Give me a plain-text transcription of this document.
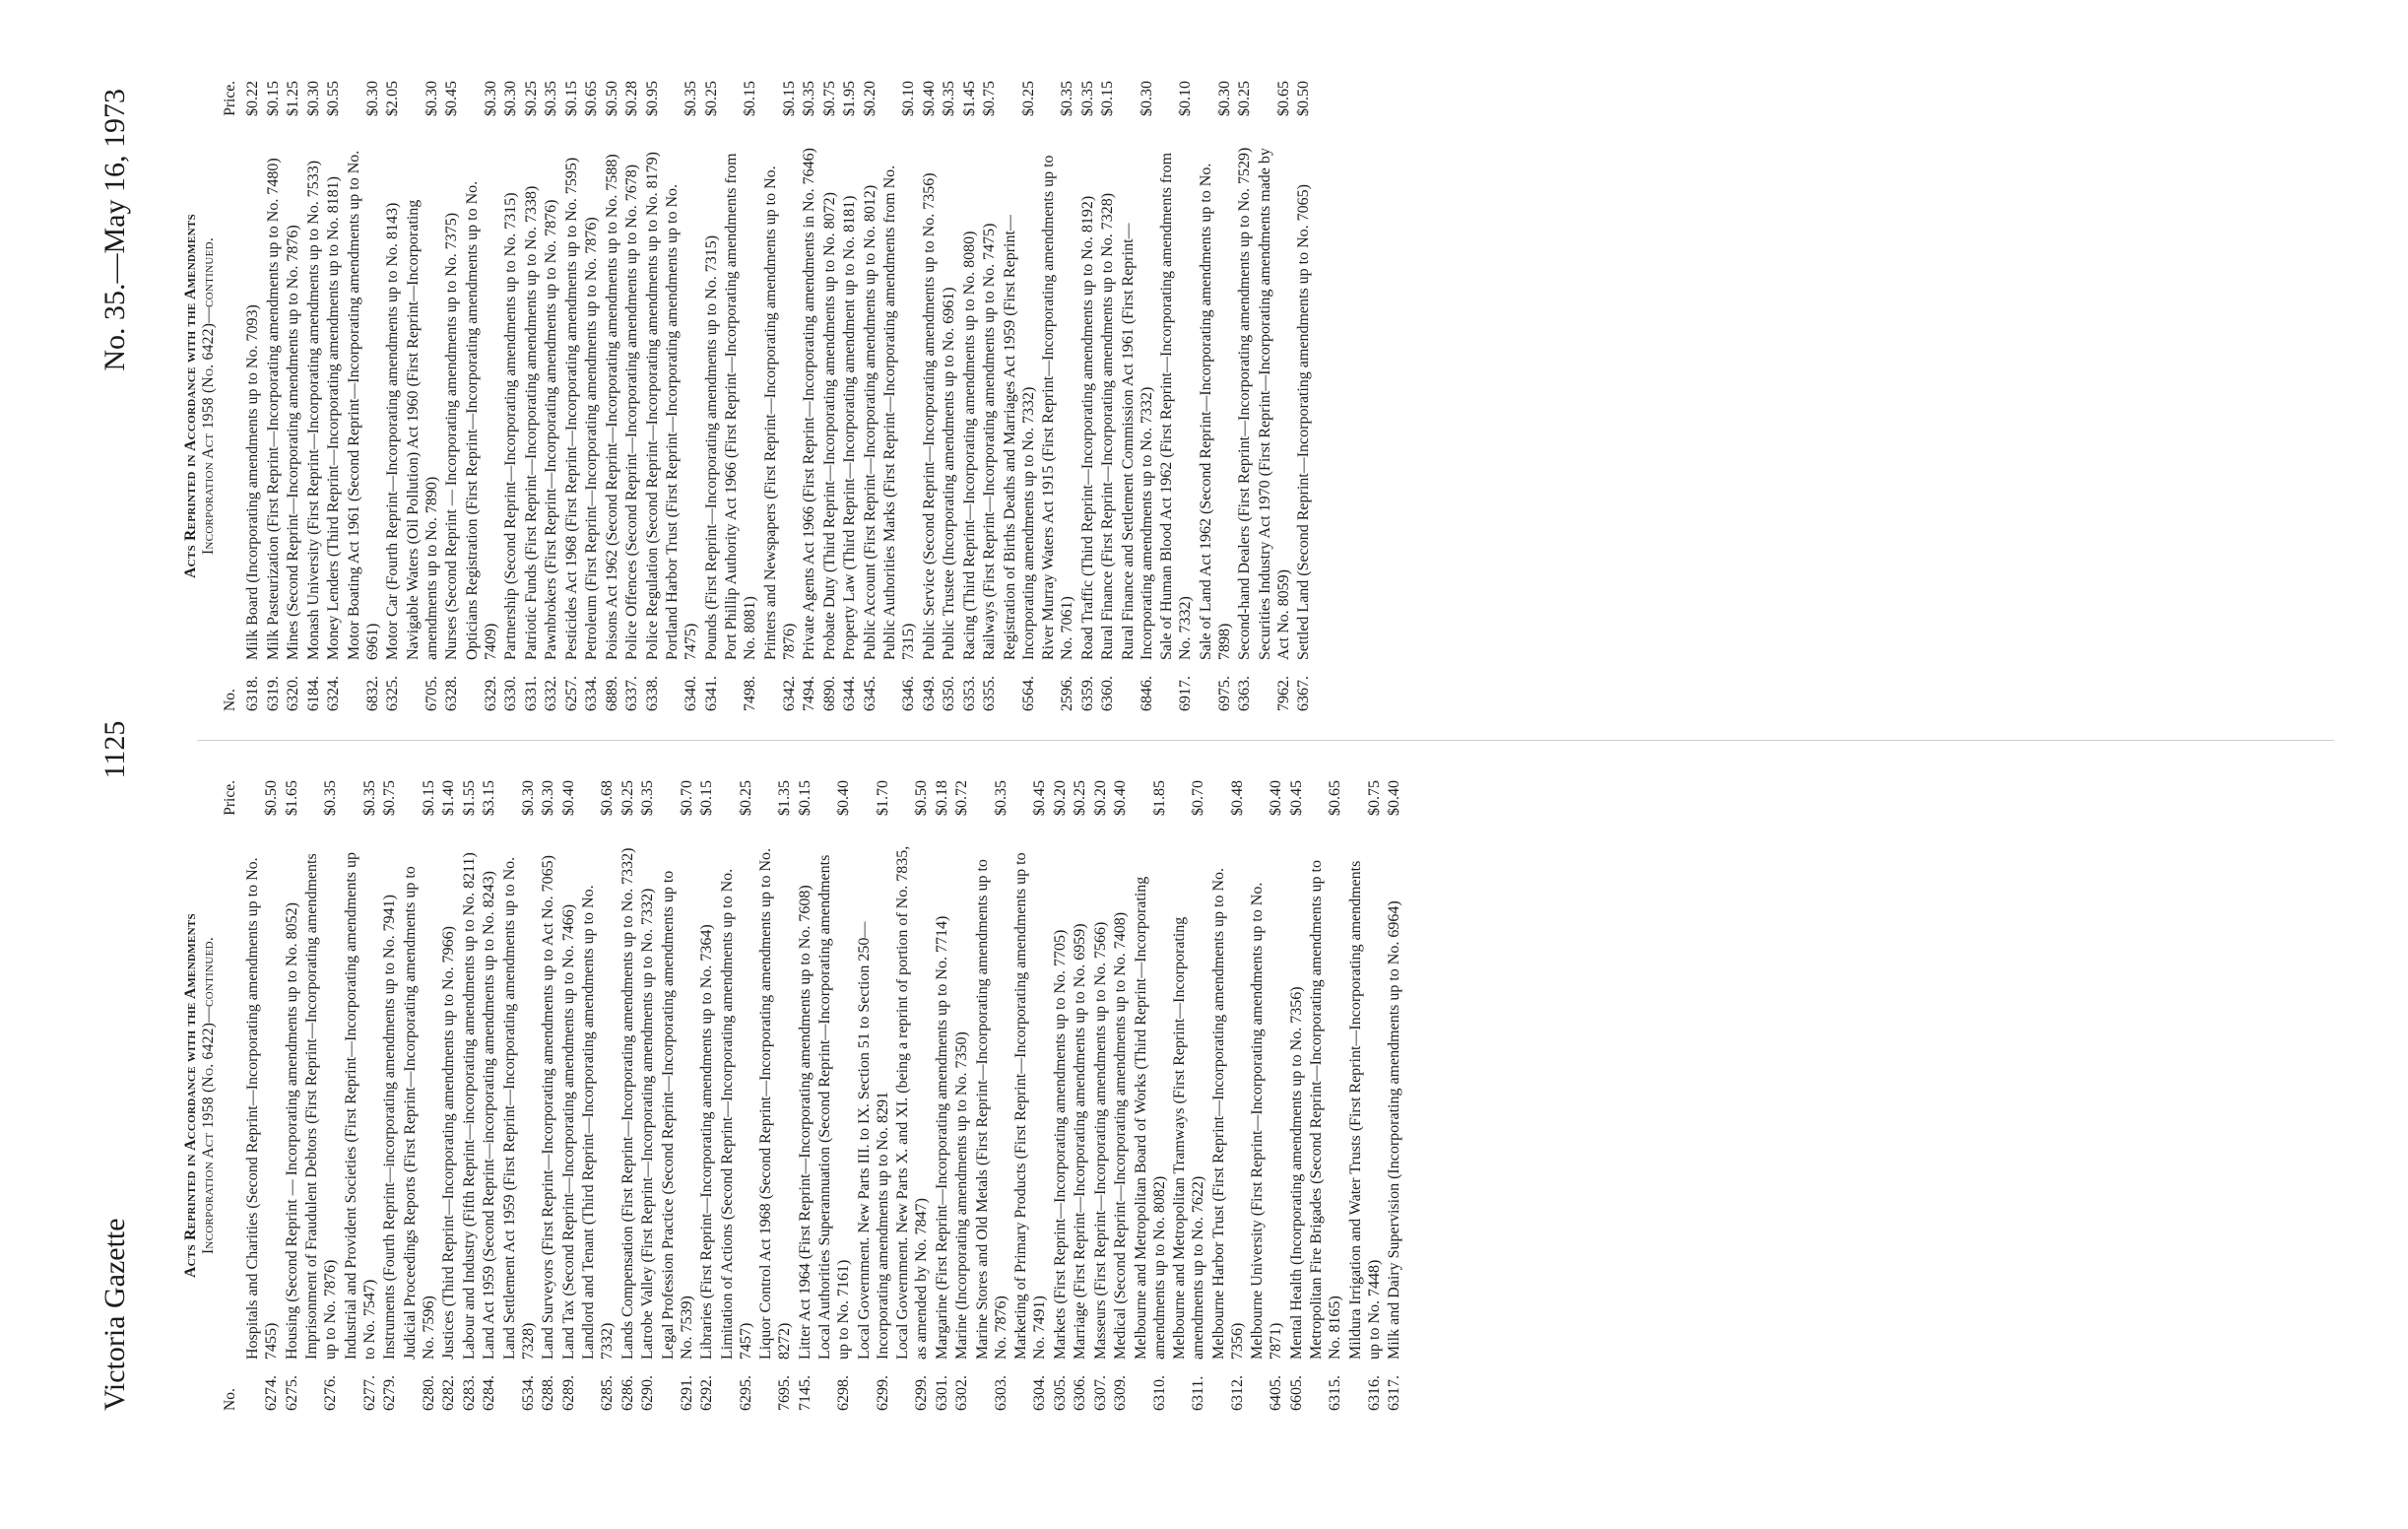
Victoria Gazette
1125
No. 35.—May 16, 1973
Acts Reprinted in Accordance with the Amendments Incorporation Act 1958 (No. 6422)—continued.
No.
Price.
6274.
Hospitals and Charities (Second Reprint—Incorporating amendments up to No. 7455)
$0.50
6275.
Housing (Second Reprint — Incorporating amendments up to No. 8052)
$1.65
6276.
Imprisonment of Fraudulent Debtors (First Reprint—Incorporating amendments up to No. 7876)
$0.35
6277.
Industrial and Provident Societies (First Reprint—Incorporating amendments up to No. 7547)
$0.35
6279.
Instruments (Fourth Reprint—incorporating amendments up to No. 7941)
$0.75
6280.
Judicial Proceedings Reports (First Reprint—Incorporating amendments up to No. 7596)
$0.15
6282.
Justices (Third Reprint—Incorporating amendments up to No. 7966)
$1.40
6283.
Labour and Industry (Fifth Reprint—incorporating amendments up to No. 8211)
$1.55
6284.
Land Act 1959 (Second Reprint—incorporating amendments up to No. 8243)
$3.15
6534.
Land Settlement Act 1959 (First Reprint—Incorporating amendments up to No. 7328)
$0.30
6288.
Land Surveyors (First Reprint—Incorporating amendments up to Act No. 7065)
$0.30
6289.
Land Tax (Second Reprint—Incorporating amendments up to No. 7466)
$0.40
6285.
Landlord and Tenant (Third Reprint—Incorporating amendments up to No. 7332)
$0.68
6286.
Lands Compensation (First Reprint—Incorporating amendments up to No. 7332)
$0.25
6290.
Latrobe Valley (First Reprint—Incorporating amendments up to No. 7332)
$0.35
6291.
Legal Profession Practice (Second Reprint—Incorporating amendments up to No. 7539)
$0.70
6292.
Libraries (First Reprint—Incorporating amendments up to No. 7364)
$0.15
6295.
Limitation of Actions (Second Reprint—Incorporating amendments up to No. 7457)
$0.25
7695.
Liquor Control Act 1968 (Second Reprint—Incorporating amendments up to No. 8272)
$1.35
7145.
Litter Act 1964 (First Reprint—Incorporating amendments up to No. 7608)
$0.15
6298.
Local Authorities Superannuation (Second Reprint—Incorporating amendments up to No. 7161)
$0.40
6299.
Local Government. New Parts III. to IX. Section 51 to Section 250—Incorporating amendments up to No. 8291
$1.70
6299.
Local Government. New Parts X. and XI. (being a reprint of portion of No. 7835, as amended by No. 7847)
$0.50
6301.
Margarine (First Reprint—Incorporating amendments up to No. 7714)
$0.18
6302.
Marine (Incorporating amendments up to No. 7350)
$0.72
6303.
Marine Stores and Old Metals (First Reprint—Incorporating amendments up to No. 7876)
$0.35
6304.
Marketing of Primary Products (First Reprint—Incorporating amendments up to No. 7491)
$0.45
6305.
Markets (First Reprint—Incorporating amendments up to No. 7705)
$0.20
6306.
Marriage (First Reprint—Incorporating amendments up to No. 6959)
$0.25
6307.
Masseurs (First Reprint—Incorporating amendments up to No. 7566)
$0.20
6309.
Medical (Second Reprint—Incorporating amendments up to No. 7408)
$0.40
6310.
Melbourne and Metropolitan Board of Works (Third Reprint—Incorporating amendments up to No. 8082)
$1.85
6311.
Melbourne and Metropolitan Tramways (First Reprint—Incorporating amendments up to No. 7622)
$0.70
6312.
Melbourne Harbor Trust (First Reprint—Incorporating amendments up to No. 7356)
$0.48
6405.
Melbourne University (First Reprint—Incorporating amendments up to No. 7871)
$0.40
6605.
Mental Health (Incorporating amendments up to No. 7356)
$0.45
6315.
Metropolitan Fire Brigades (Second Reprint—Incorporating amendments up to No. 8165)
$0.65
6316.
Mildura Irrigation and Water Trusts (First Reprint—Incorporating amendments up to No. 7448)
$0.75
6317.
Milk and Dairy Supervision (Incorporating amendments up to No. 6964)
$0.40
Acts Reprinted in Accordance with the Amendments Incorporation Act 1958 (No. 6422)—continued.
No.
Price.
6318.
Milk Board (Incorporating amendments up to No. 7093)
$0.22
6319.
Milk Pasteurization (First Reprint—Incorporating amendments up to No. 7480)
$0.15
6320.
Mines (Second Reprint—Incorporating amendments up to No. 7876)
$1.25
6184.
Monash University (First Reprint—Incorporating amendments up to No. 7533)
$0.30
6324.
Money Lenders (Third Reprint—Incorporating amendments up to No. 8181)
$0.55
6832.
Motor Boating Act 1961 (Second Reprint—Incorporating amendments up to No. 6961)
$0.30
6325.
Motor Car (Fourth Reprint—Incorporating amendments up to No. 8143)
$2.05
6705.
Navigable Waters (Oil Pollution) Act 1960 (First Reprint—Incorporating amendments up to No. 7890)
$0.30
6328.
Nurses (Second Reprint — Incorporating amendments up to No. 7375)
$0.45
6329.
Opticians Registration (First Reprint—Incorporating amendments up to No. 7409)
$0.30
6330.
Partnership (Second Reprint—Incorporating amendments up to No. 7315)
$0.30
6331.
Patriotic Funds (First Reprint—Incorporating amendments up to No. 7338)
$0.25
6332.
Pawnbrokers (First Reprint—Incorporating amendments up to No. 7876)
$0.35
6257.
Pesticides Act 1968 (First Reprint—Incorporating amendments up to No. 7595)
$0.15
6334.
Petroleum (First Reprint—Incorporating amendments up to No. 7876)
$0.65
6889.
Poisons Act 1962 (Second Reprint—Incorporating amendments up to No. 7588)
$0.50
6337.
Police Offences (Second Reprint—Incorporating amendments up to No. 7678)
$0.28
6338.
Police Regulation (Second Reprint—Incorporating amendments up to No. 8179)
$0.95
6340.
Portland Harbor Trust (First Reprint—Incorporating amendments up to No. 7475)
$0.35
6341.
Pounds (First Reprint—Incorporating amendments up to No. 7315)
$0.25
7498.
Port Phillip Authority Act 1966 (First Reprint—Incorporating amendments from No. 8081)
$0.15
6342.
Printers and Newspapers (First Reprint—Incorporating amendments up to No. 7876)
$0.15
7494.
Private Agents Act 1966 (First Reprint—Incorporating amendments in No. 7646)
$0.35
6890.
Probate Duty (Third Reprint—Incorporating amendments up to No. 8072)
$0.75
6344.
Property Law (Third Reprint—Incorporating amendment up to No. 8181)
$1.95
6345.
Public Account (First Reprint—Incorporating amendments up to No. 8012)
$0.20
6346.
Public Authorities Marks (First Reprint—Incorporating amendments from No. 7315)
$0.10
6349.
Public Service (Second Reprint—Incorporating amendments up to No. 7356)
$0.40
6350.
Public Trustee (Incorporating amendments up to No. 6961)
$0.35
6353.
Racing (Third Reprint—Incorporating amendments up to No. 8080)
$1.45
6355.
Railways (First Reprint—Incorporating amendments up to No. 7475)
$0.75
6564.
Registration of Births Deaths and Marriages Act 1959 (First Reprint—Incorporating amendments up to No. 7332)
$0.25
2596.
River Murray Waters Act 1915 (First Reprint—Incorporating amendments up to No. 7061)
$0.35
6359.
Road Traffic (Third Reprint—Incorporating amendments up to No. 8192)
$0.35
6360.
Rural Finance (First Reprint—Incorporating amendments up to No. 7328)
$0.15
6846.
Rural Finance and Settlement Commission Act 1961 (First Reprint—Incorporating amendments up to No. 7332)
$0.30
6917.
Sale of Human Blood Act 1962 (First Reprint—Incorporating amendments from No. 7332)
$0.10
6975.
Sale of Land Act 1962 (Second Reprint—Incorporating amendments up to No. 7898)
$0.30
6363.
Second-hand Dealers (First Reprint—Incorporating amendments up to No. 7529)
$0.25
7962.
Securities Industry Act 1970 (First Reprint—Incorporating amendments made by Act No. 8059)
$0.65
6367.
Settled Land (Second Reprint—Incorporating amendments up to No. 7065)
$0.50
